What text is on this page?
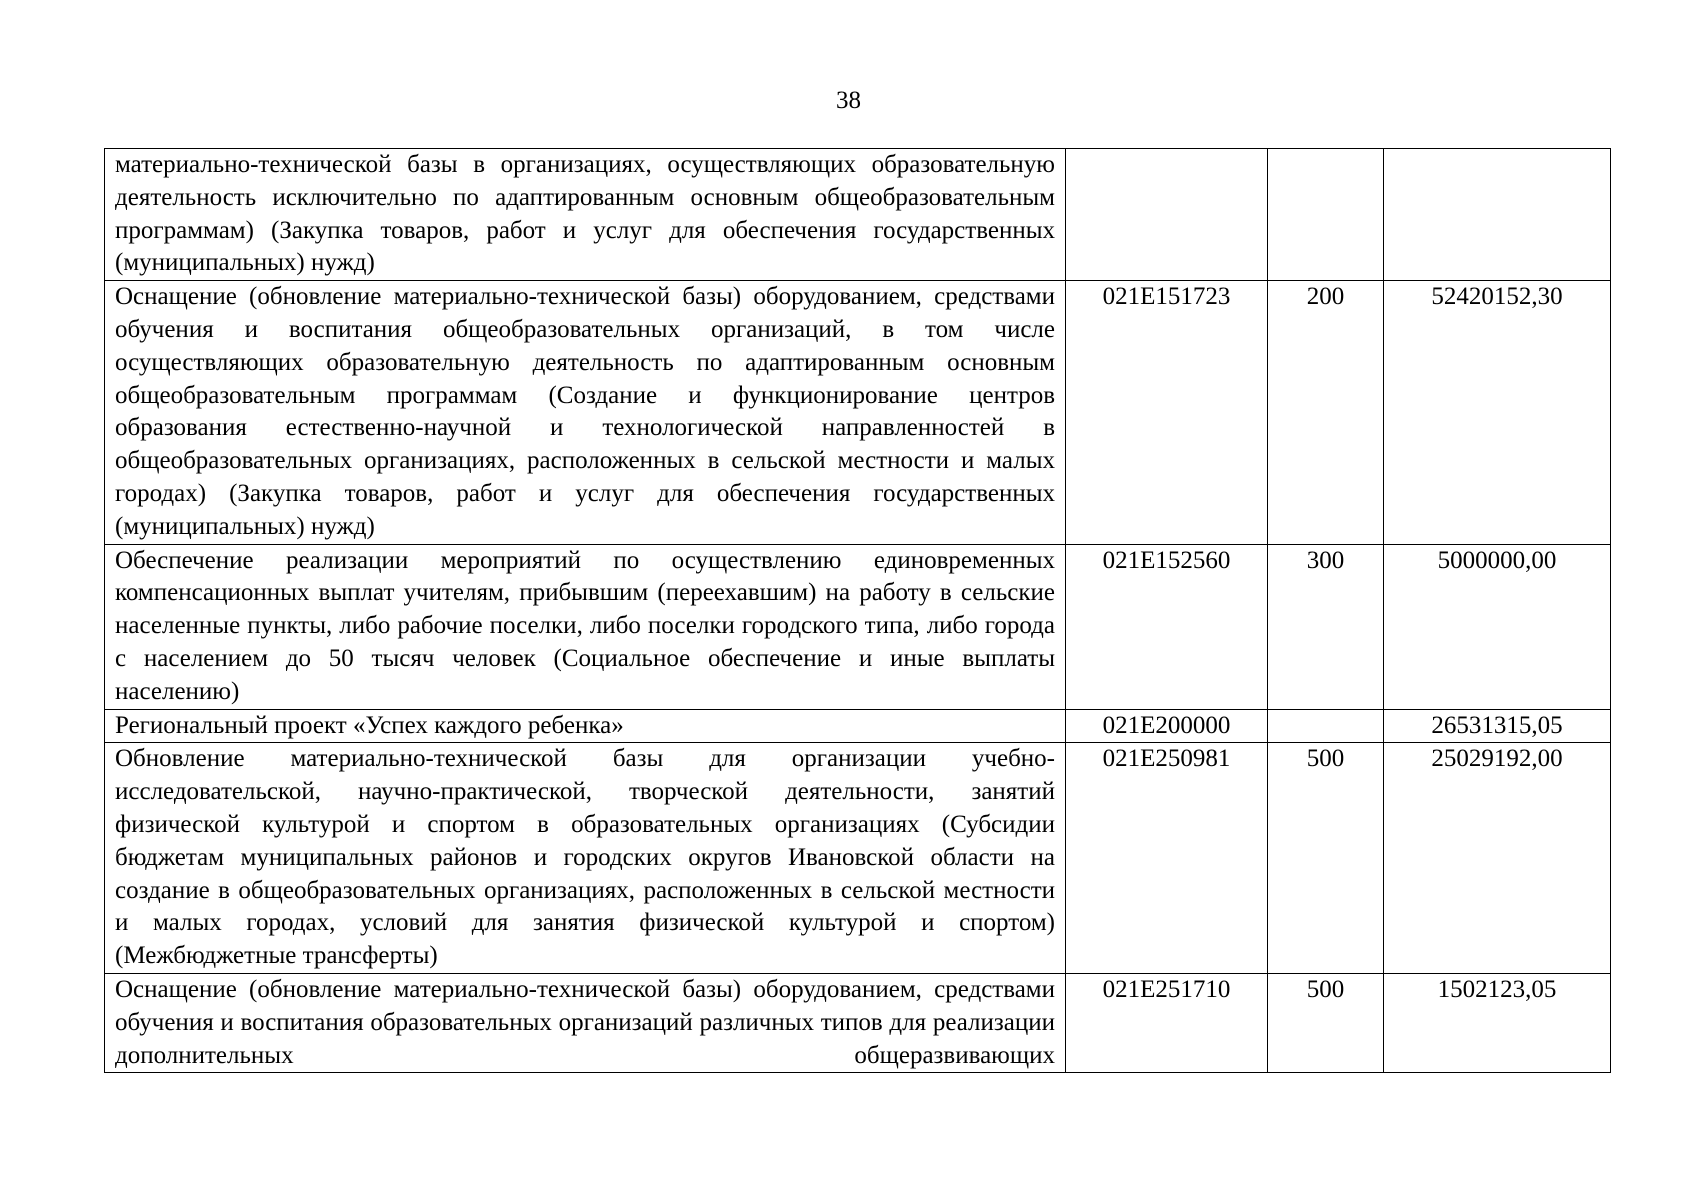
38
материально-технической базы в организациях, осуществляющих образовательную деятельность исключительно по адаптированным основным общеобразовательным программам) (Закупка товаров, работ и услуг для обеспечения государственных (муниципальных) нужд)			
Оснащение (обновление материально-технической базы) оборудованием, средствами обучения и воспитания общеобразовательных организаций, в том числе осуществляющих образовательную деятельность по адаптированным основным общеобразовательным программам (Создание и функционирование центров образования естественно-научной и технологической направленностей в общеобразовательных организациях, расположенных в сельской местности и малых городах) (Закупка товаров, работ и услуг для обеспечения государственных (муниципальных) нужд)	021Е151723	200	52420152,30
Обеспечение реализации мероприятий по осуществлению единовременных компенсационных выплат учителям, прибывшим (переехавшим) на работу в сельские населенные пункты, либо рабочие поселки, либо поселки городского типа, либо города с населением до 50 тысяч человек (Социальное обеспечение и иные выплаты населению)	021Е152560	300	5000000,00
Региональный проект «Успех каждого ребенка»	021Е200000		26531315,05
Обновление материально-технической базы для организации учебно-исследовательской, научно-практической, творческой деятельности, занятий физической культурой и спортом в образовательных организациях (Субсидии бюджетам муниципальных районов и городских округов Ивановской области на создание в общеобразовательных организациях, расположенных в сельской местности и малых городах, условий для занятия физической культурой и спортом) (Межбюджетные трансферты)	021Е250981	500	25029192,00
Оснащение (обновление материально-технической базы) оборудованием, средствами обучения и воспитания образовательных организаций различных типов для реализации дополнительных общеразвивающих	021Е251710	500	1502123,05
